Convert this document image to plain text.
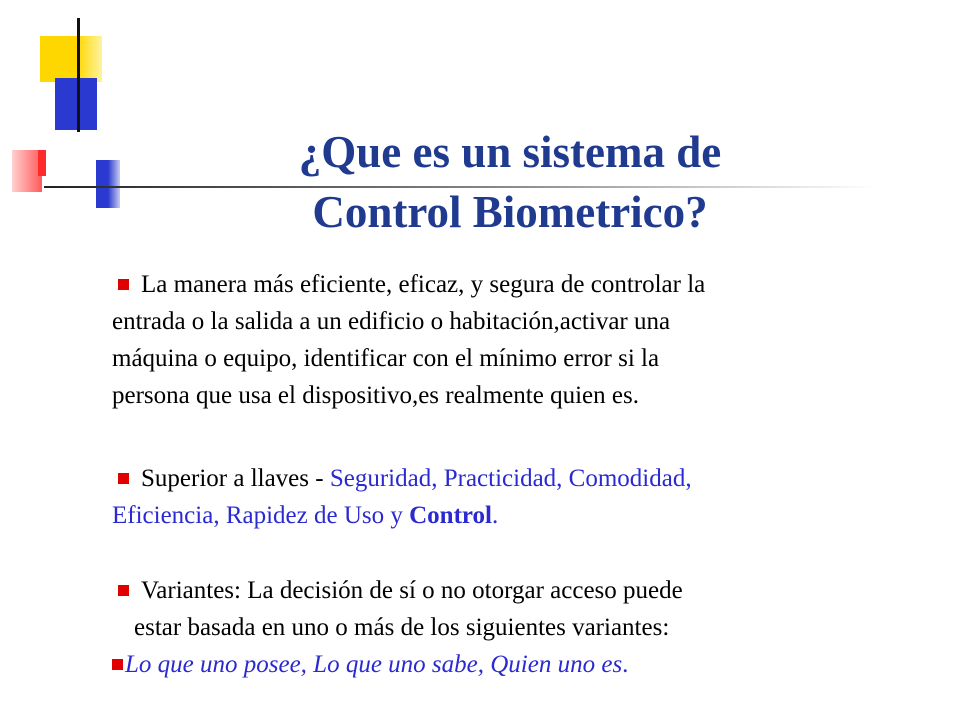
¿Que es un sistema de
Control Biometrico?

La manera más eficiente, eficaz, y segura de controlar la
entrada o la salida a un edificio o habitación,activar una
máquina o equipo, identificar con el mínimo error si la
persona que usa el dispositivo,es realmente quien es.

Superior a llaves - Seguridad, Practicidad, Comodidad,
Eficiencia, Rapidez de Uso y Control.

Variantes: La decisión de sí o no otorgar acceso puede
estar basada en uno o más de los siguientes variantes:

Lo que uno posee, Lo que uno sabe, Quien uno es.
